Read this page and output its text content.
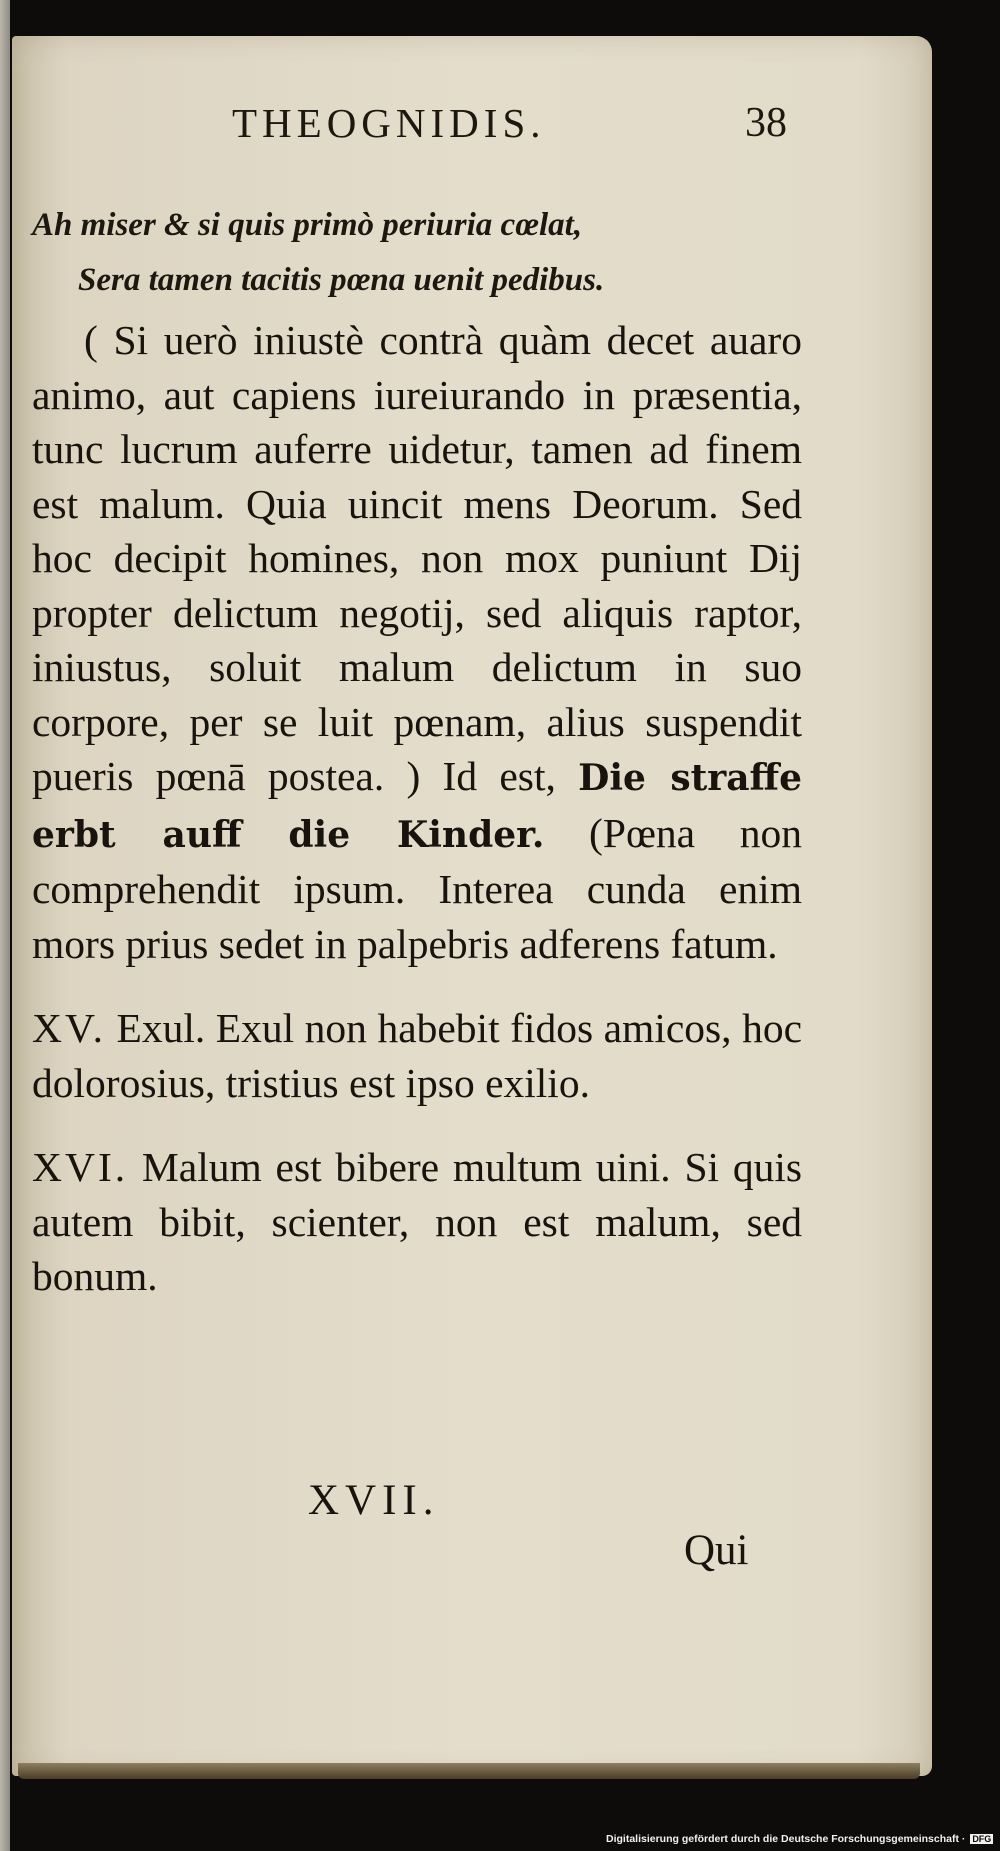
THEOGNIDIS.	38
Ah miser & si quis primò periuria cœlat,
Sera tamen tacitis pœna uenit pedibus.

( Si uerò iniustè contrà quàm decet auaro animo, aut capiens iureiurando in præsentia, tunc lucrum auferre uidetur, tamen ad finem est malum. Quia uincit mens Deorum. Sed hoc decipit homines, non mox puniunt Dij propter delictum negotij, sed aliquis raptor, iniustus, soluit malum delictum in suo corpore, per se luit pœnam, alius suspendit pueris pœnā postea. ) Id est, Die straffe erbt auff die Kinder. (Pœna non comprehendit ipsum. Interea cunda enim mors prius sedet in palpebris adferens fatum.

XV. Exul. Exul non habebit fidos amicos, hoc dolorosius, tristius est ipso exilio.

XVI. Malum est bibere multum uini. Si quis autem bibit, scienter, non est malum, sed bonum.

XVII.
Qui
Digitalisierung gefördert durch die Deutsche Forschungsgemeinschaft · DFG
